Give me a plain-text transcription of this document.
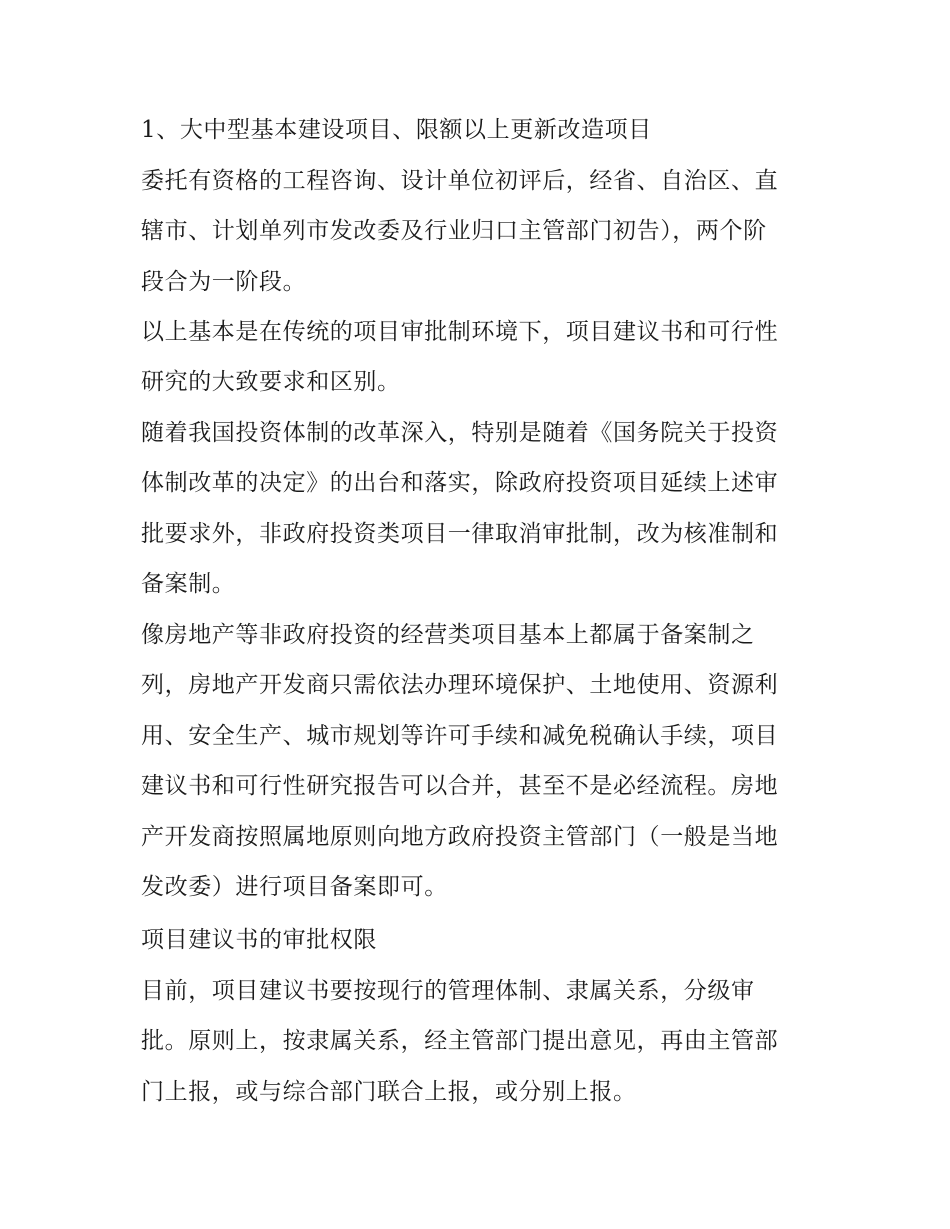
1、大中型基本建设项目、限额以上更新改造项目
委托有资格的工程咨询、设计单位初评后，经省、自治区、直
辖市、计划单列市发改委及行业归口主管部门初告），两个阶
段合为一阶段。
以上基本是在传统的项目审批制环境下，项目建议书和可行性
研究的大致要求和区别。
随着我国投资体制的改革深入，特别是随着《国务院关于投资
体制改革的决定》的出台和落实，除政府投资项目延续上述审
批要求外，非政府投资类项目一律取消审批制，改为核准制和
备案制。
像房地产等非政府投资的经营类项目基本上都属于备案制之
列，房地产开发商只需依法办理环境保护、土地使用、资源利
用、安全生产、城市规划等许可手续和减免税确认手续，项目
建议书和可行性研究报告可以合并，甚至不是必经流程。房地
产开发商按照属地原则向地方政府投资主管部门（一般是当地
发改委）进行项目备案即可。
项目建议书的审批权限
目前，项目建议书要按现行的管理体制、隶属关系，分级审
批。原则上，按隶属关系，经主管部门提出意见，再由主管部
门上报，或与综合部门联合上报，或分别上报。
